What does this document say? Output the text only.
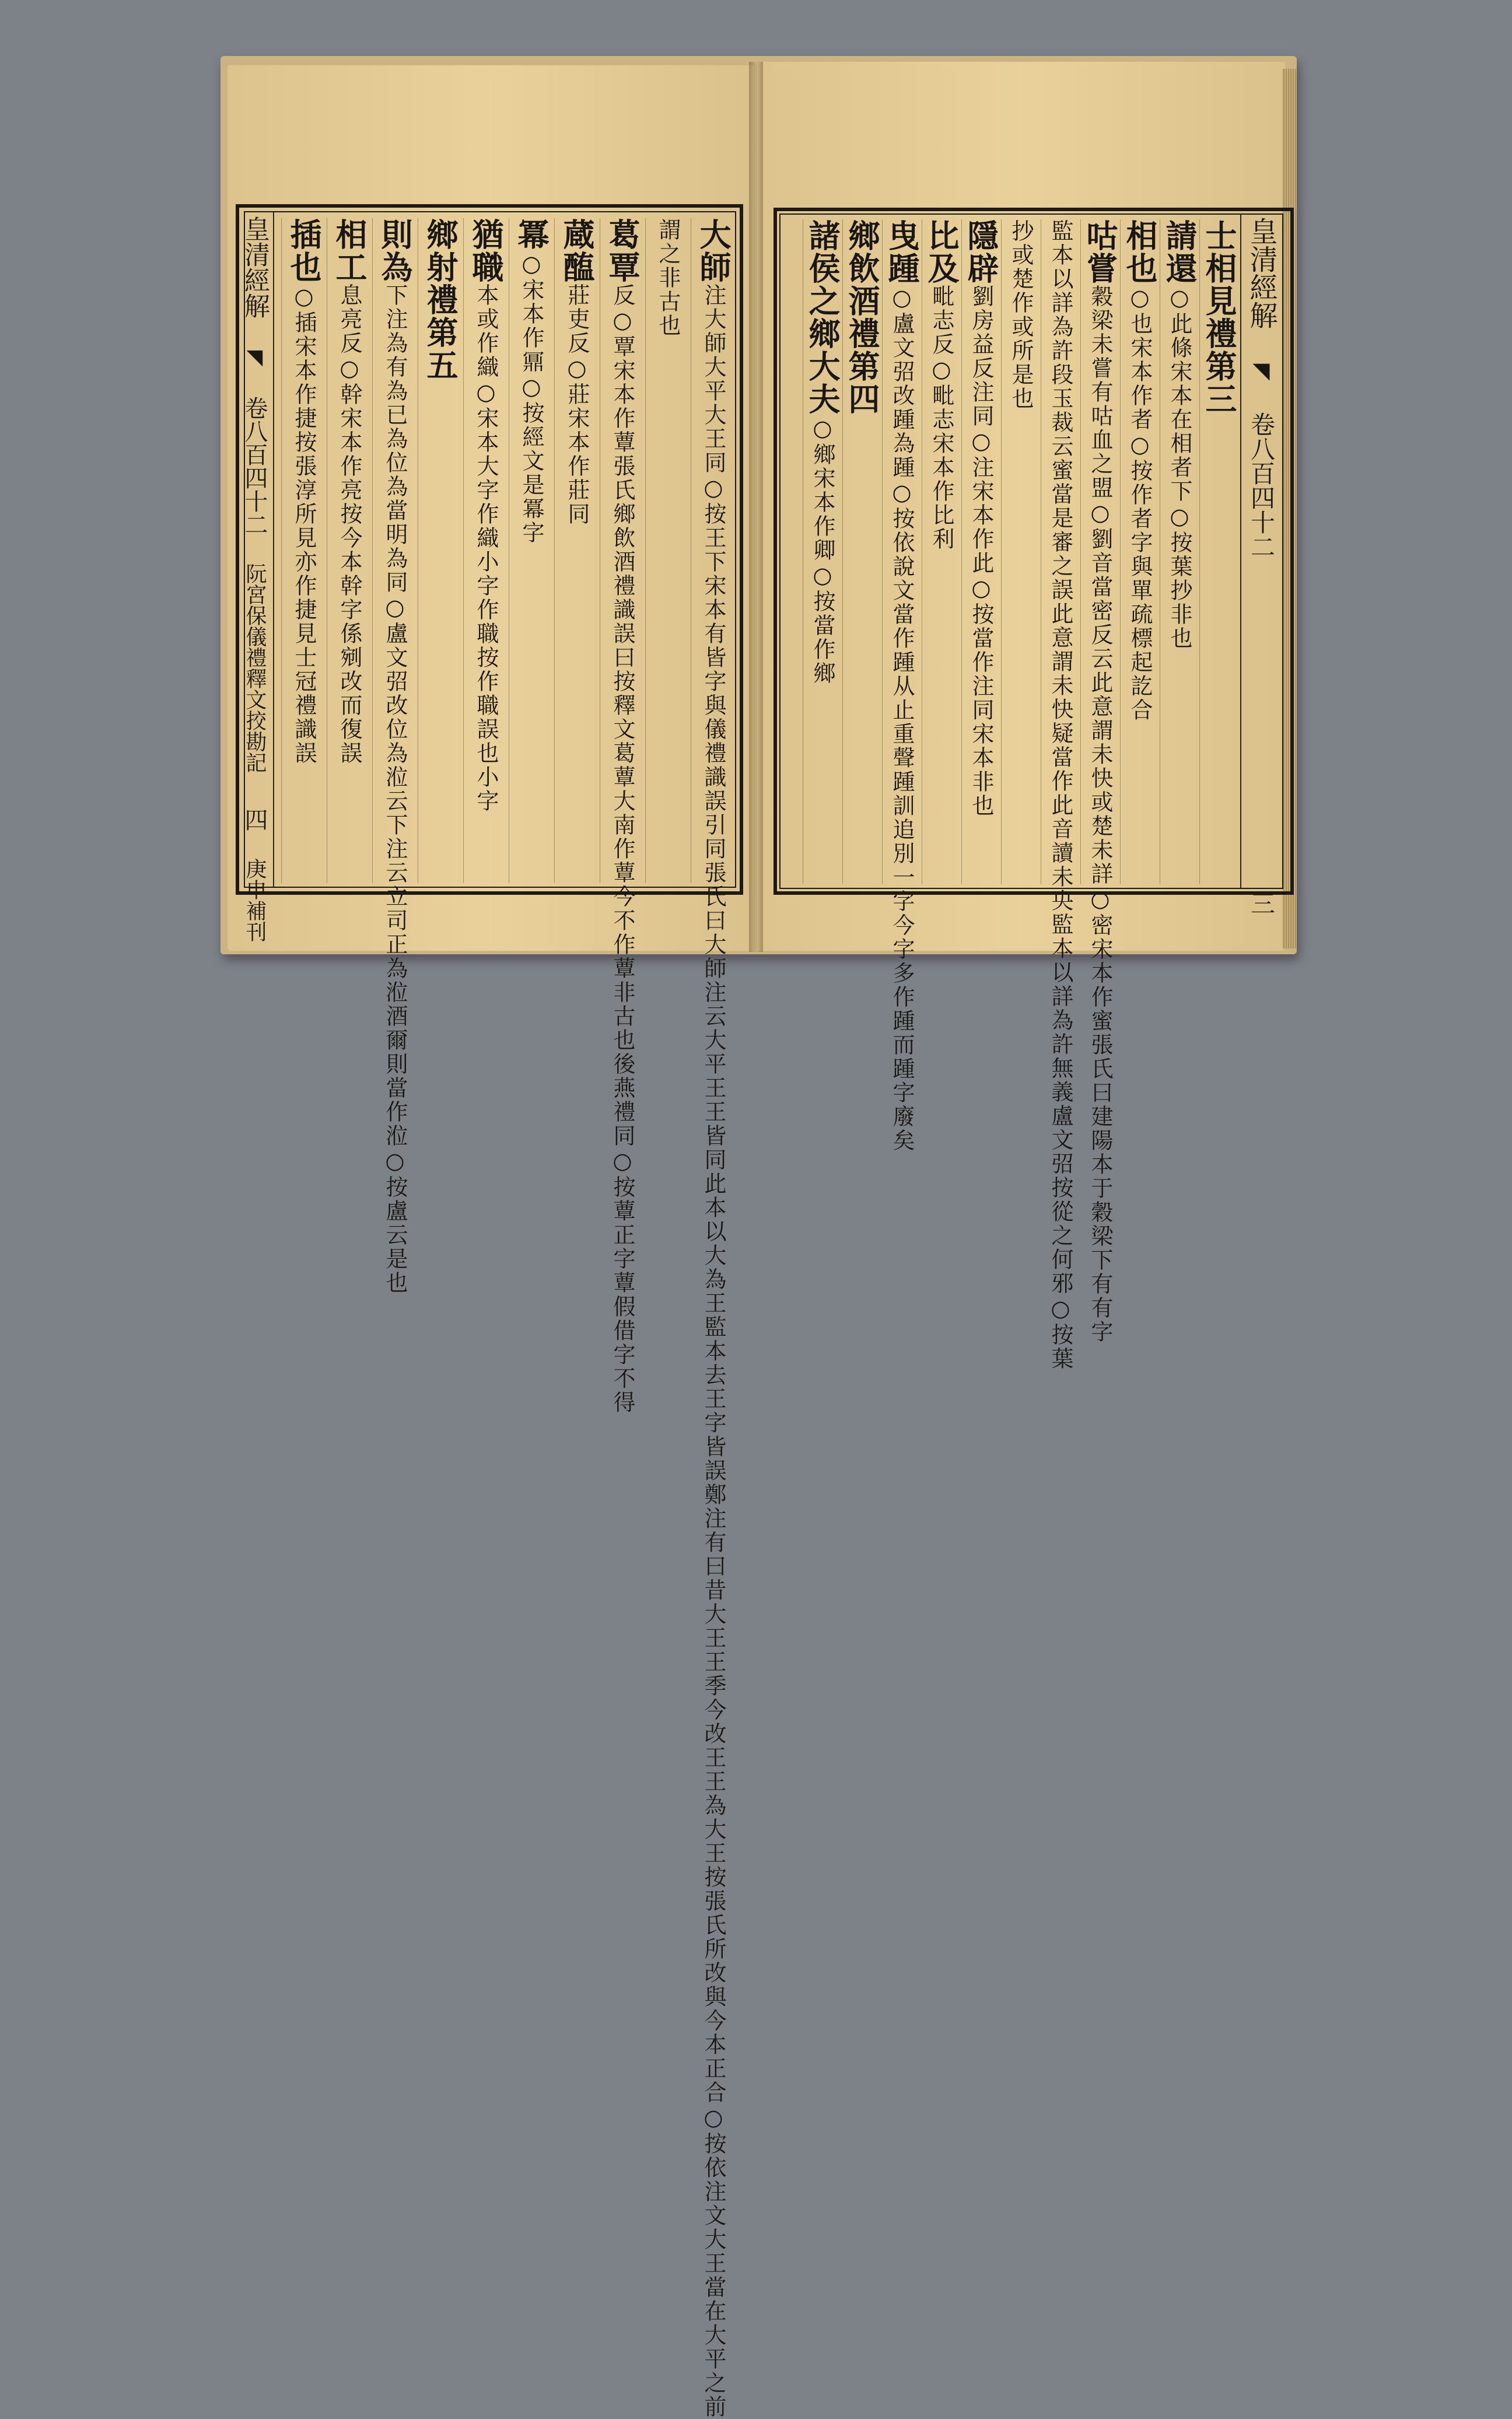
皇清經解 ◥ 卷八百四十二 阮宮保儀禮釋文挍勘記 四 庚申補刊
大師注大師大平大王同○按王下宋本有皆字與儀禮識誤引同張氏曰大師注云大平王王皆同此本以大為王監本去王字皆誤鄭注有曰昔大王王季今改王王為大王按張氏所改與今本正合○按依注文大王當在大平之前
謂之非古也
葛覃反○覃宋本作蕈張氏鄉飲酒禮識誤曰按釋文葛蕈大南作蕈今不作蕈非古也後燕禮同○按蕈正字蕈假借字不得
蔵醢莊吏反○莊宋本作莊同
冪○宋本作鼏○按經文是冪字
猶職本或作織○宋本大字作織小字作職按作職誤也小字
鄉射禮第五
則為下注為有為已為位為當明為同○盧文弨改位為涖云下注云立司正為涖酒爾則當作涖○按盧云是也
相工息亮反○幹宋本作亮按今本幹字係剜改而復誤
插也○插宋本作捷按張淳所見亦作捷見士冠禮識誤
皇清經解 ◥ 卷八百四十二 三
士相見禮第三
請還○此條宋本在相者下○按葉抄非也
相也○也宋本作者○按作者字與單疏標起訖合
咕嘗穀梁未嘗有咕血之盟○劉音當密反云此意謂未快或楚未詳○密宋本作蜜張氏曰建陽本于穀梁下有有字
監本以詳為許段玉裁云蜜當是審之誤此意謂未快疑當作此音讀未央監本以詳為許無義盧文弨按從之何邪○按葉
抄或楚作或所是也
隱辟劉房益反注同○注宋本作此○按當作注同宋本非也
比及毗志反○毗志宋本作比利
曳踵○盧文弨改踵為踵○按依說文當作踵从止重聲踵訓追別一字今字多作踵而踵字廢矣
鄉飲酒禮第四
諸侯之鄉大夫○鄉宋本作卿○按當作鄉
